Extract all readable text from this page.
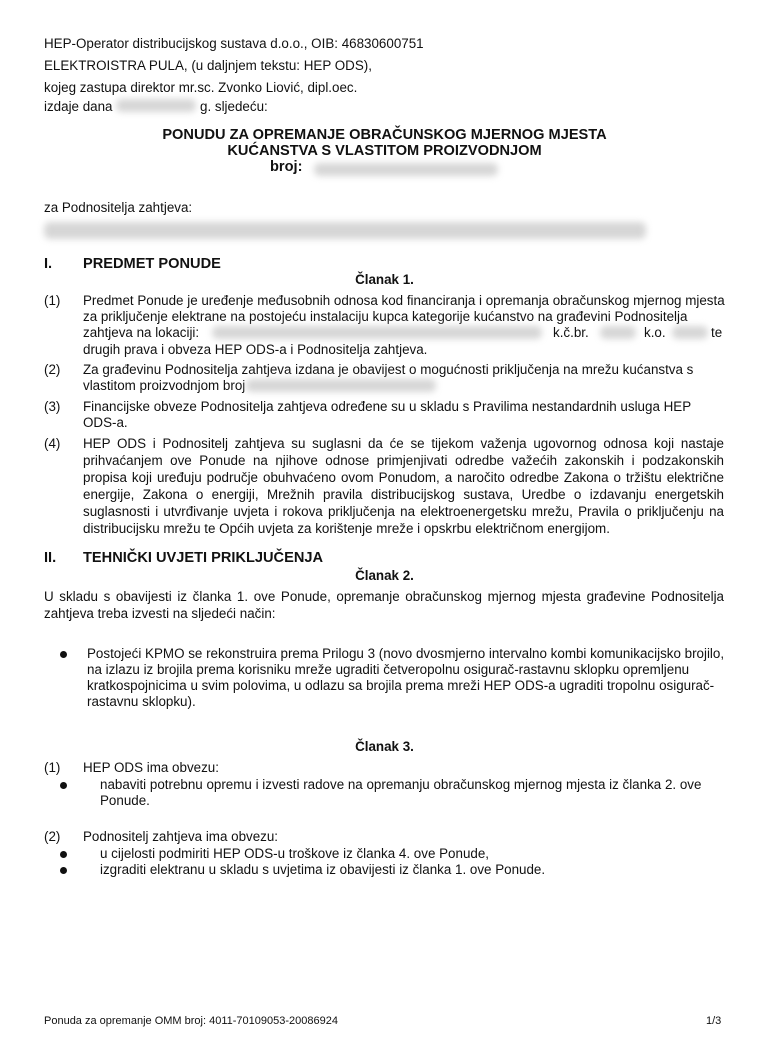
HEP-Operator distribucijskog sustava d.o.o., OIB: 46830600751
ELEKTROISTRA PULA, (u daljnjem tekstu: HEP ODS),
kojeg zastupa direktor mr.sc. Zvonko Liović, dipl.oec.
izdaje dana	g. sljedeću:
PONUDU ZA OPREMANJE OBRAČUNSKOG MJERNOG MJESTA
KUĆANSTVA S VLASTITOM PROIZVODNJOM
broj:
za Podnositelja zahtjeva:
I. PREDMET PONUDE
Članak 1.
(1) Predmet Ponude je uređenje međusobnih odnosa kod financiranja i opremanja obračunskog mjernog mjesta
za priključenje elektrane na postojeću instalaciju kupca kategorije kućanstvo na građevini Podnositelja
zahtjeva na lokaciji:	k.č.br.	k.o.	te
drugih prava i obveza HEP ODS-a i Podnositelja zahtjeva.
(2) Za građevinu Podnositelja zahtjeva izdana je obavijest o mogućnosti priključenja na mrežu kućanstva s
vlastitom proizvodnjom broj
(3) Financijske obveze Podnositelja zahtjeva određene su u skladu s Pravilima nestandardnih usluga HEP
ODS-a.
(4) HEP ODS i Podnositelj zahtjeva su suglasni da će se tijekom važenja ugovornog odnosa koji nastaje prihvaćanjem ove Ponude na njihove odnose primjenjivati odredbe važećih zakonskih i podzakonskih propisa koji uređuju područje obuhvaćeno ovom Ponudom, a naročito odredbe Zakona o tržištu električne energije, Zakona o energiji, Mrežnih pravila distribucijskog sustava, Uredbe o izdavanju energetskih suglasnosti i utvrđivanje uvjeta i rokova priključenja na elektroenergetsku mrežu, Pravila o priključenju na distribucijsku mrežu te Općih uvjeta za korištenje mreže i opskrbu električnom energijom.
II. TEHNIČKI UVJETI PRIKLJUČENJA
Članak 2.
U skladu s obavijesti iz članka 1. ove Ponude, opremanje obračunskog mjernog mjesta građevine Podnositelja zahtjeva treba izvesti na sljedeći način:
Postojeći KPMO se rekonstruira prema Prilogu 3 (novo dvosmjerno intervalno kombi komunikacijsko brojilo,
na izlazu iz brojila prema korisniku mreže ugraditi četveropolnu osigurač-rastavnu sklopku opremljenu
kratkospojnicima u svim polovima, u odlazu sa brojila prema mreži HEP ODS-a ugraditi tropolnu osigurač-
rastavnu sklopku).
Članak 3.
(1) HEP ODS ima obvezu:
nabaviti potrebnu opremu i izvesti radove na opremanju obračunskog mjernog mjesta iz članka 2. ove
Ponude.
(2) Podnositelj zahtjeva ima obvezu:
u cijelosti podmiriti HEP ODS-u troškove iz članka 4. ove Ponude,
izgraditi elektranu u skladu s uvjetima iz obavijesti iz članka 1. ove Ponude.
Ponuda za opremanje OMM broj: 4011-70109053-20086924	1/3
